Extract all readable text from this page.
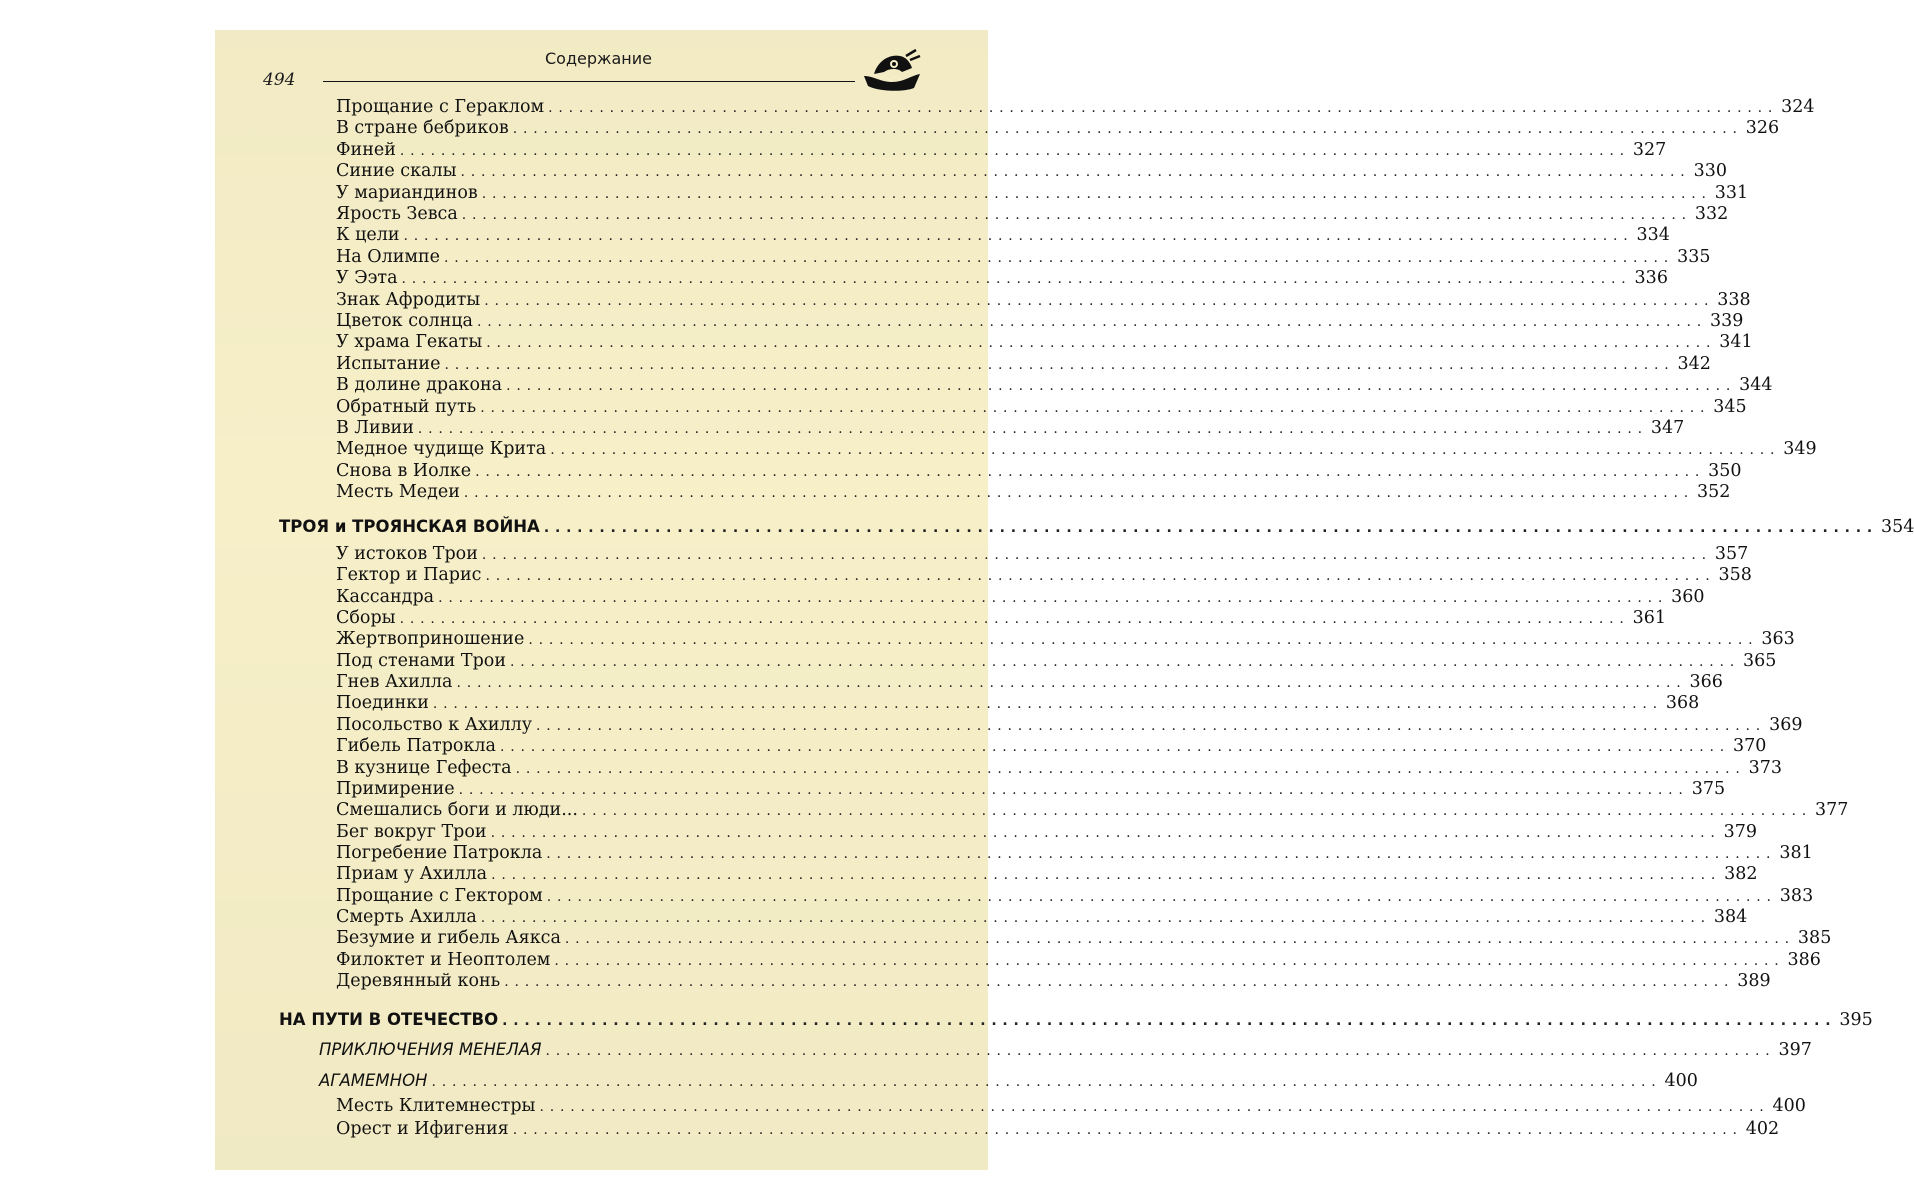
Содержание
494
Прощание с Гераклом ........................................................................................................................ 324
В стране бебриков ........................................................................................................................ 326
Финей ........................................................................................................................ 327
Синие скалы ........................................................................................................................ 330
У мариандинов ........................................................................................................................ 331
Ярость Зевса ........................................................................................................................ 332
К цели ........................................................................................................................ 334
На Олимпе ........................................................................................................................ 335
У Ээта ........................................................................................................................ 336
Знак Афродиты ........................................................................................................................ 338
Цветок солнца ........................................................................................................................ 339
У храма Гекаты ........................................................................................................................ 341
Испытание ........................................................................................................................ 342
В долине дракона ........................................................................................................................ 344
Обратный путь ........................................................................................................................ 345
В Ливии ........................................................................................................................ 347
Медное чудище Крита ........................................................................................................................ 349
Снова в Иолке ........................................................................................................................ 350
Месть Медеи ........................................................................................................................ 352
ТРОЯ и ТРОЯНСКАЯ ВОЙНА ........................................................................................................................ 354
У истоков Трои ........................................................................................................................ 357
Гектор и Парис ........................................................................................................................ 358
Кассандра ........................................................................................................................ 360
Сборы ........................................................................................................................ 361
Жертвоприношение ........................................................................................................................ 363
Под стенами Трои ........................................................................................................................ 365
Гнев Ахилла ........................................................................................................................ 366
Поединки ........................................................................................................................ 368
Посольство к Ахиллу ........................................................................................................................ 369
Гибель Патрокла ........................................................................................................................ 370
В кузнице Гефеста ........................................................................................................................ 373
Примирение ........................................................................................................................ 375
Смешались боги и люди... ........................................................................................................................ 377
Бег вокруг Трои ........................................................................................................................ 379
Погребение Патрокла ........................................................................................................................ 381
Приам у Ахилла ........................................................................................................................ 382
Прощание с Гектором ........................................................................................................................ 383
Смерть Ахилла ........................................................................................................................ 384
Безумие и гибель Аякса ........................................................................................................................ 385
Филоктет и Неоптолем ........................................................................................................................ 386
Деревянный конь ........................................................................................................................ 389
НА ПУТИ В ОТЕЧЕСТВО ........................................................................................................................ 395
ПРИКЛЮЧЕНИЯ МЕНЕЛАЯ ........................................................................................................................ 397
АГАМЕМНОН ........................................................................................................................ 400
Месть Клитемнестры ........................................................................................................................ 400
Орест и Ифигения ........................................................................................................................ 402
